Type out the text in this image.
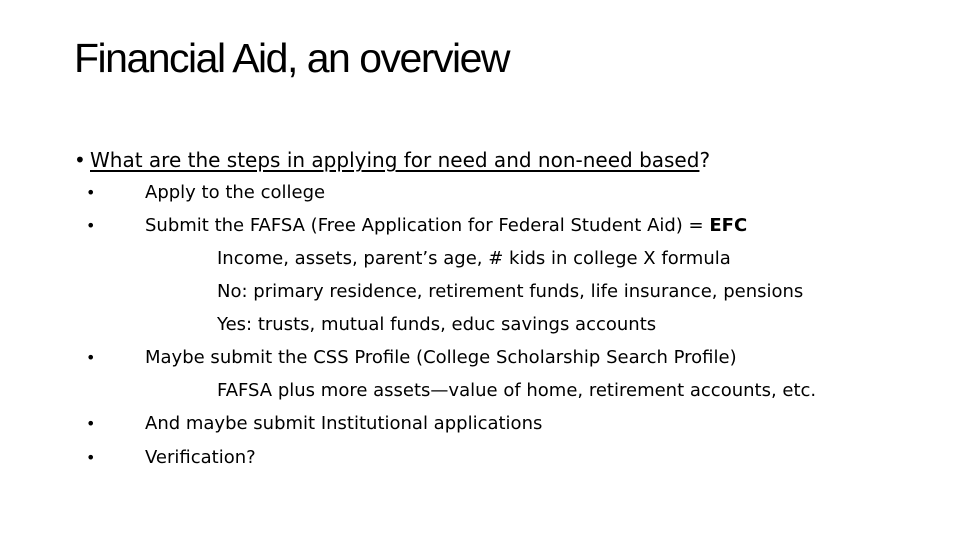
Financial Aid, an overview
• What are the steps in applying for need and non-need based?
•	Apply to the college
•	Submit the FAFSA (Free Application for Federal Student Aid) = EFC
Income, assets, parent’s age, # kids in college X formula
No: primary residence, retirement funds, life insurance, pensions
Yes: trusts, mutual funds, educ savings accounts
•	Maybe submit the CSS Profile (College Scholarship Search Profile)
FAFSA plus more assets—value of home, retirement accounts, etc.
•	And maybe submit Institutional applications
•	Verification?
